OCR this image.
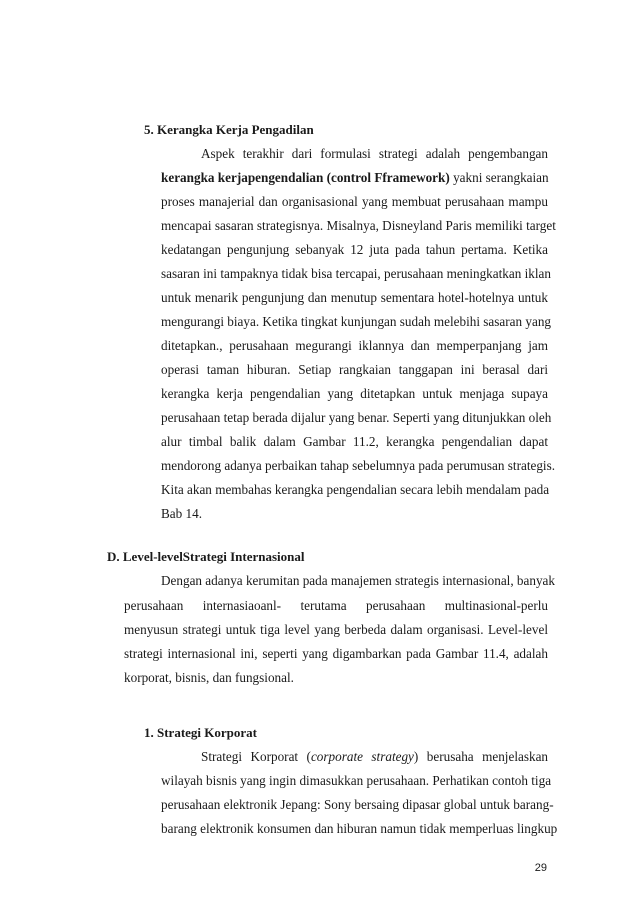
5. Kerangka Kerja Pengadilan
Aspek terakhir dari formulasi strategi adalah pengembangan
kerangka kerjapengendalian (control Fframework) yakni serangkaian
proses manajerial dan organisasional yang membuat perusahaan mampu
mencapai sasaran strategisnya. Misalnya, Disneyland Paris memiliki target
kedatangan pengunjung sebanyak 12 juta pada tahun pertama. Ketika
sasaran ini tampaknya tidak bisa tercapai, perusahaan meningkatkan iklan
untuk menarik pengunjung dan menutup sementara hotel-hotelnya untuk
mengurangi biaya. Ketika tingkat kunjungan sudah melebihi sasaran yang
ditetapkan., perusahaan megurangi iklannya dan memperpanjang jam
operasi taman hiburan. Setiap rangkaian tanggapan ini berasal dari
kerangka kerja pengendalian yang ditetapkan untuk menjaga supaya
perusahaan tetap berada dijalur yang benar. Seperti yang ditunjukkan oleh
alur timbal balik dalam Gambar 11.2, kerangka pengendalian dapat
mendorong adanya perbaikan tahap sebelumnya pada perumusan strategis.
Kita akan membahas kerangka pengendalian secara lebih mendalam pada
Bab 14.
D. Level-levelStrategi Internasional
Dengan adanya kerumitan pada manajemen strategis internasional, banyak
perusahaan internasiaoanl- terutama perusahaan multinasional-perlu
menyusun strategi untuk tiga level yang berbeda dalam organisasi. Level-level
strategi internasional ini, seperti yang digambarkan pada Gambar 11.4, adalah
korporat, bisnis, dan fungsional.
1. Strategi Korporat
Strategi Korporat (corporate strategy) berusaha menjelaskan
wilayah bisnis yang ingin dimasukkan perusahaan. Perhatikan contoh tiga
perusahaan elektronik Jepang: Sony bersaing dipasar global untuk barang-
barang elektronik konsumen dan hiburan namun tidak memperluas lingkup
29
